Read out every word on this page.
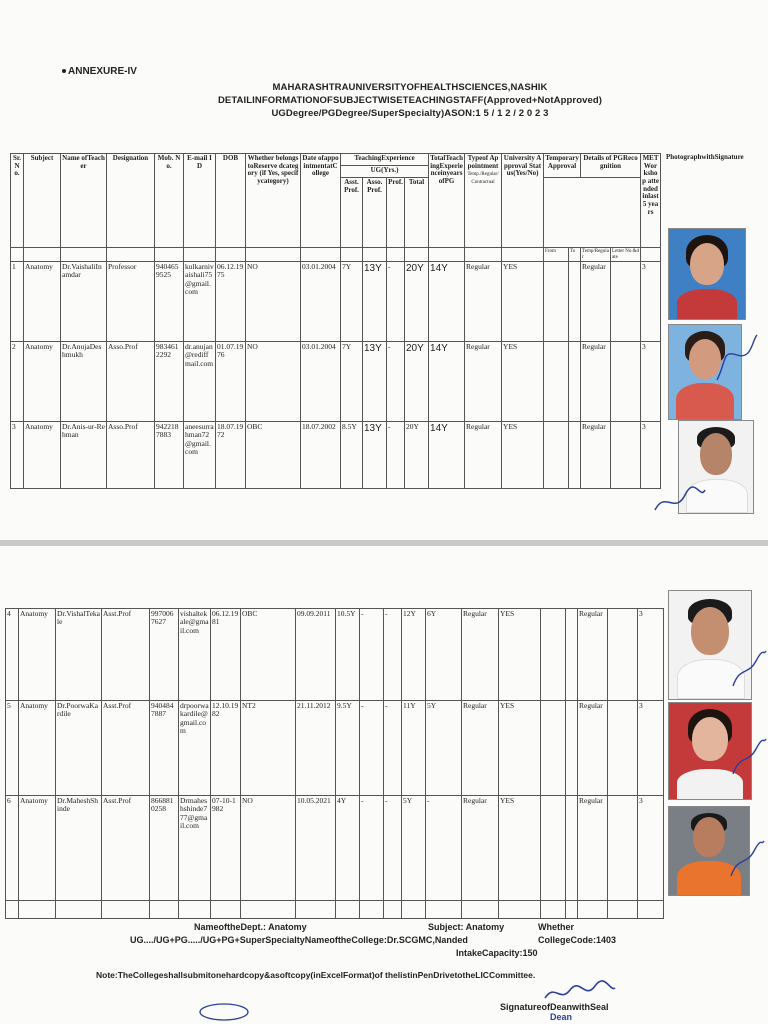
ANNEXURE-IV
MAHARASHTRAUNIVERSITYOFHEALTHSCIENCES,NASHIK
DETAILINFORMATIONOFSUBJECTWISETEACHINGSTAFF(Approved+NotApproved)
UGDegree/PGDegree/SuperSpecialty)ASON:1 5 / 1 2 / 2 0 2 3
Sr.No.	Subject	Name ofTeacher	Designation	Mob. No.	E-mail ID	DOB	Whether belongs toReserve dcategory (if Yes, specifycategory)	Date ofappointmentatCollege	TeachingExperience				TotalTeachingExperienceinyearsofPG	Typeof Appointment
Temp./Regular/Contractual	University Approval Status(Yes/No)	Temporary Approval		Details of PGRecognition		MET Workshop attended inlast 5 years
									UG(Yrs.)											
									Asst. Prof.	Asso. Prof.	Prof.	Total								
																From	To	Temp/Regular	Letter No.&date	
1	Anatomy	Dr.VaishaliInamdar	Professor	9404659525	kulkarnivaishali75@gmail.com	06.12.1975	NO	03.01.2004	7Y	13Y	-	20Y	14Y	Regular	YES			Regular		3
2	Anatomy	Dr.AnujaDeshmukh	Asso.Prof	9834612292	dr.anujan@rediffmail.com	01.07.1976	NO	03.01.2004	7Y	13Y	-	20Y	14Y	Regular	YES			Regular		3
3	Anatomy	Dr.Anis-ur-Rehman	Asso.Prof	9422187883	aneesurrahman72@gmail.com	18.07.1972	OBC	18.07.2002	8.5Y	13Y	-	20Y	14Y	Regular	YES			Regular		3
PhotographwithSignature
4	Anatomy	Dr.VishalTekale	Asst.Prof	9970067627	vishaltekale@gmail.com	06.12.1981	OBC	09.09.2011	10.5Y	-	-	12Y	6Y	Regular	YES			Regular		3
5	Anatomy	Dr.PoorwaKardile	Asst.Prof	9404847887	drpoorwakardile@gmail.com	12.10.1982	NT2	21.11.2012	9.5Y	-	-	11Y	5Y	Regular	YES			Regular		3
6	Anatomy	Dr.MaheshShinde	Asst.Prof	8668810258	Drmaheshshinde777@gmail.com	07-10-1982	NO	10.05.2021	4Y	-	-	5Y	-	Regular	YES			Regular		3

NameoftheDept.: Anatomy	Subject: Anatomy	Whether
UG..../UG+PG...../UG+PG+SuperSpecialtyNameoftheCollege:Dr.SCGMC,Nanded	CollegeCode:1403
IntakeCapacity:150
Note:TheCollegeshallsubmitonehardcopy&asoftcopy(inExcelFormat)of thelistinPenDrivetotheLICCommittee.
SignatureofDeanwithSeal
Dean
